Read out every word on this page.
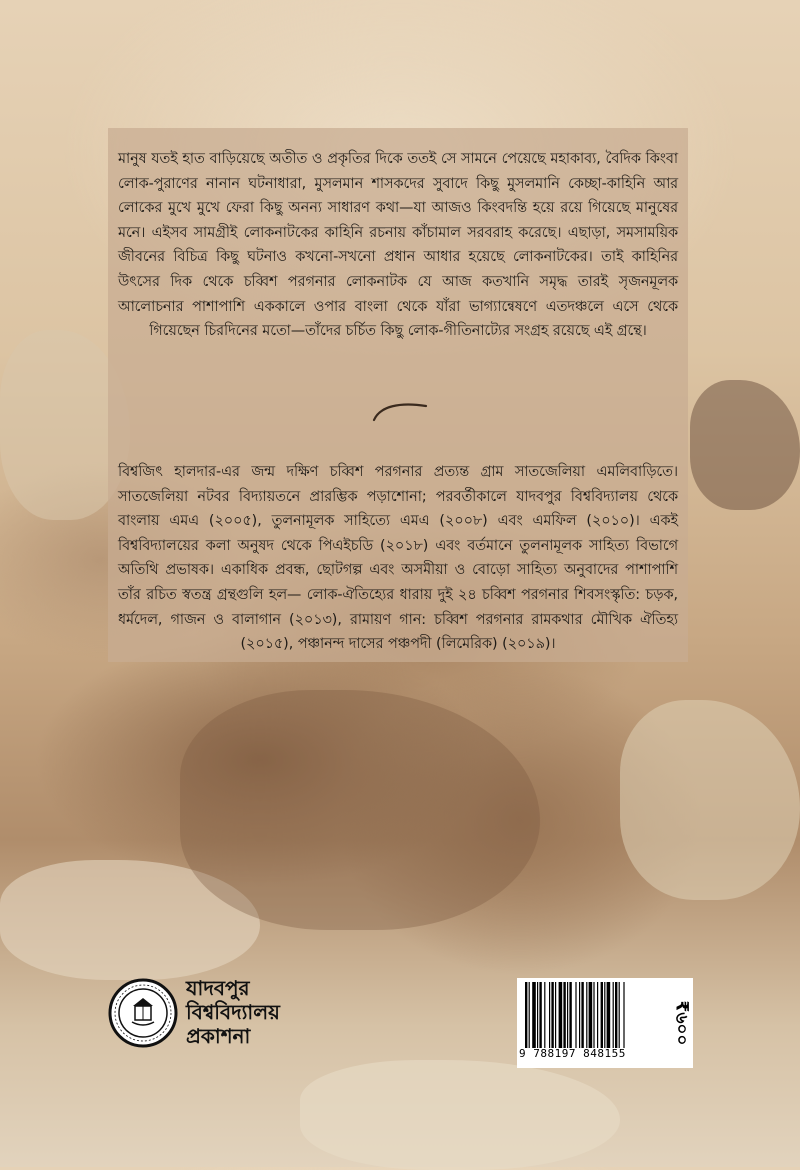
মানুষ যতই হাত বাড়িয়েছে অতীত ও প্রকৃতির দিকে ততই সে সামনে পেয়েছে মহাকাব্য, বৈদিক কিংবা লোক-পুরাণের নানান ঘটনাধারা, মুসলমান শাসকদের সুবাদে কিছু মুসলমানি কেচ্ছা-কাহিনি আর লোকের মুখে মুখে ফেরা কিছু অনন্য সাধারণ কথা—যা আজও কিংবদন্তি হয়ে রয়ে গিয়েছে মানুষের মনে। এইসব সামগ্রীই লোকনাটকের কাহিনি রচনায় কাঁচামাল সরবরাহ করেছে। এছাড়া, সমসাময়িক জীবনের বিচিত্র কিছু ঘটনাও কখনো-সখনো প্রধান আধার হয়েছে লোকনাটকের। তাই কাহিনির উৎসের দিক থেকে চব্বিশ পরগনার লোকনাটক যে আজ কতখানি সমৃদ্ধ তারই সৃজনমূলক আলোচনার পাশাপাশি এককালে ওপার বাংলা থেকে যাঁরা ভাগ্যান্বেষণে এতদঞ্চলে এসে থেকে গিয়েছেন চিরদিনের মতো—তাঁদের চর্চিত কিছু লোক-গীতিনাট্যের সংগ্রহ রয়েছে এই গ্রন্থে।

বিশ্বজিৎ হালদার-এর জন্ম দক্ষিণ চব্বিশ পরগনার প্রত্যন্ত গ্রাম সাতজেলিয়া এমলিবাড়িতে। সাতজেলিয়া নটবর বিদ্যায়তনে প্রারম্ভিক পড়াশোনা; পরবর্তীকালে যাদবপুর বিশ্ববিদ্যালয় থেকে বাংলায় এমএ (২০০৫), তুলনামূলক সাহিত্যে এমএ (২০০৮) এবং এমফিল (২০১০)। একই বিশ্ববিদ্যালয়ের কলা অনুষদ থেকে পিএইচডি (২০১৮) এবং বর্তমানে তুলনামূলক সাহিত্য বিভাগে অতিথি প্রভাষক। একাধিক প্রবন্ধ, ছোটগল্প এবং অসমীয়া ও বোড়ো সাহিত্য অনুবাদের পাশাপাশি তাঁর রচিত স্বতন্ত্র গ্রন্থগুলি হল— লোক-ঐতিহ্যের ধারায় দুই ২৪ চব্বিশ পরগনার শিবসংস্কৃতি: চড়ক, ধর্মদেল, গাজন ও বালাগান (২০১৩), রামায়ণ গান: চব্বিশ পরগনার রামকথার মৌখিক ঐতিহ্য (২০১৫), পঞ্চানন্দ দাসের পঞ্চপদী (লিমেরিক) (২০১৯)।

যাদবপুর
বিশ্ববিদ্যালয়
প্রকাশনা
9 788197 848155
₹৬০০
